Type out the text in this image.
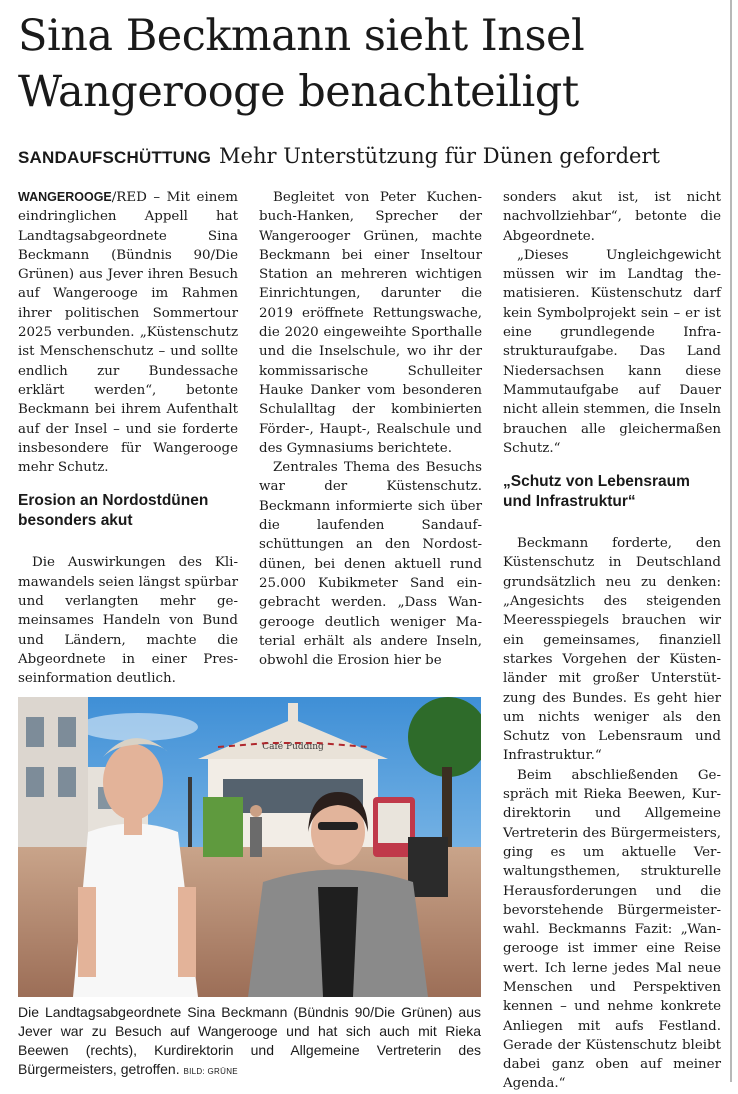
Sina Beckmann sieht Insel
Wangerooge benachteiligt
SANDAUFSCHÜTTUNG Mehr Unterstützung für Dünen gefordert

WANGEROOGE/RED – Mit einem eindringlichen Appell hat Landtagsabgeordnete Sina Beckmann (Bündnis 90/Die Grünen) aus Jever ihren Besuch auf Wangerooge im Rahmen ihrer politischen Sommertour 2025 verbunden. „Küstenschutz ist Menschenschutz – und sollte endlich zur Bundessache erklärt werden“, betonte Beckmann bei ihrem Aufenthalt auf der Insel – und sie forderte insbesondere für Wangerooge mehr Schutz.

Erosion an Nordostdünen besonders akut

Die Auswirkungen des Klimawandels seien längst spürbar und verlangten mehr gemeinsames Handeln von Bund und Ländern, machte die Abgeordnete in einer Presseinformation deutlich.

Begleitet von Peter Kuchenbuch-Hanken, Sprecher der Wangerooger Grünen, machte Beckmann bei einer Inseltour Station an mehreren wichtigen Einrichtungen, darunter die 2019 eröffnete Rettungswache, die 2020 eingeweihte Sporthalle und die Inselschule, wo ihr der kommissarische Schulleiter Hauke Danker vom besonderen Schulalltag der kombinierten Förder-, Haupt-, Realschule und des Gymnasiums berichtete.

Zentrales Thema des Besuchs war der Küstenschutz. Beckmann informierte sich über die laufenden Sandaufschüttungen an den Nordostdünen, bei denen aktuell rund 25.000 Kubikmeter Sand eingebracht werden. „Dass Wangerooge deutlich weniger Material erhält als andere Inseln, obwohl die Erosion hier be

sonders akut ist, ist nicht nachvollziehbar“, betonte die Abgeordnete.

„Dieses Ungleichgewicht müssen wir im Landtag thematisieren. Küstenschutz darf kein Symbolprojekt sein – er ist eine grundlegende Infrastrukturaufgabe. Das Land Niedersachsen kann diese Mammutaufgabe auf Dauer nicht allein stemmen, die Inseln brauchen alle gleichermaßen Schutz.“

„Schutz von Lebensraum und Infrastruktur“

Beckmann forderte, den Küstenschutz in Deutschland grundsätzlich neu zu denken: „Angesichts des steigenden Meeresspiegels brauchen wir ein gemeinsames, finanziell starkes Vorgehen der Küstenländer mit großer Unterstützung des Bundes. Es geht hier um nichts weniger als den Schutz von Lebensraum und Infrastruktur.“

Beim abschließenden Gespräch mit Rieka Beewen, Kurdirektorin und Allgemeine Vertreterin des Bürgermeisters, ging es um aktuelle Verwaltungsthemen, strukturelle Herausforderungen und die bevorstehende Bürgermeisterwahl. Beckmanns Fazit: „Wangerooge ist immer eine Reise wert. Ich lerne jedes Mal neue Menschen und Perspektiven kennen – und nehme konkrete Anliegen mit aufs Festland. Gerade der Küstenschutz bleibt dabei ganz oben auf meiner Agenda.“

Café Pudding
Die Landtagsabgeordnete Sina Beckmann (Bündnis 90/Die Grünen) aus Jever war zu Besuch auf Wangerooge und hat sich auch mit Rieka Beewen (rechts), Kurdirektorin und Allgemeine Vertreterin des Bürgermeisters, getroffen. BILD: GRÜNE
